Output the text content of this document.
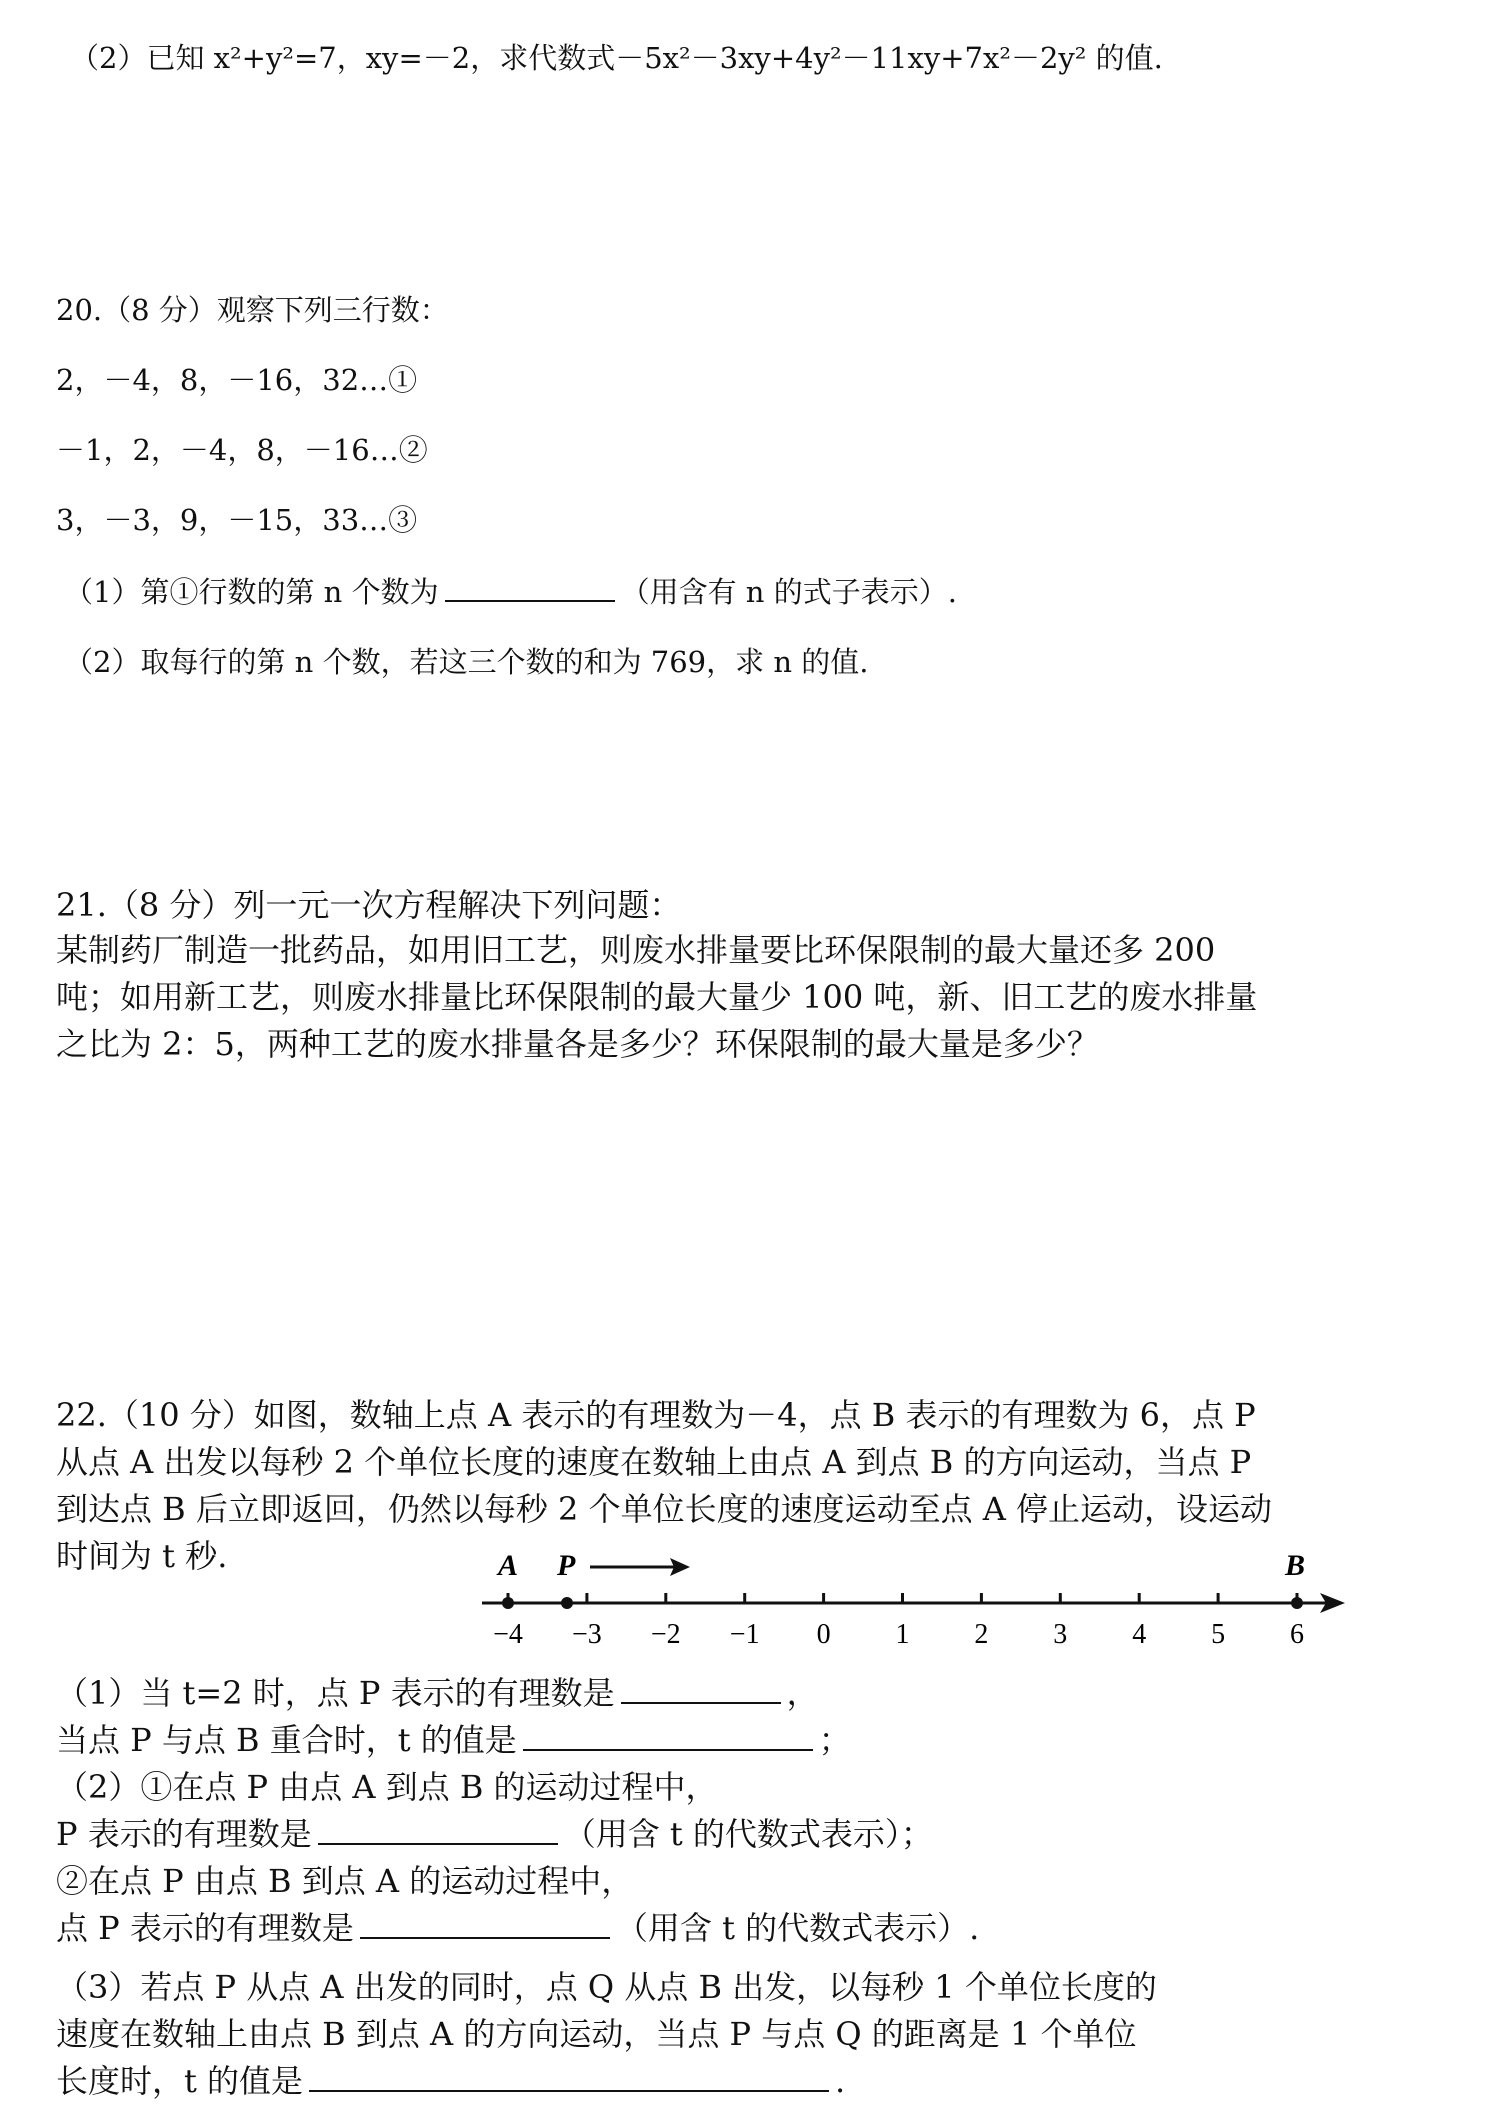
（2）已知 x²+y²=7，xy=－2，求代数式－5x²－3xy+4y²－11xy+7x²－2y² 的值.
20.（8 分）观察下列三行数：
2，－4，8，－16，32…①
－1，2，－4，8，－16…②
3，－3，9，－15，33…③
（1）第①行数的第 n 个数为	（用含有 n 的式子表示）.
（2）取每行的第 n 个数，若这三个数的和为 769，求 n 的值.
21.（8 分）列一元一次方程解决下列问题：
某制药厂制造一批药品，如用旧工艺，则废水排量要比环保限制的最大量还多 200
吨；如用新工艺，则废水排量比环保限制的最大量少 100 吨，新、旧工艺的废水排量
之比为 2：5，两种工艺的废水排量各是多少？环保限制的最大量是多少？
22.（10 分）如图，数轴上点 A 表示的有理数为－4，点 B 表示的有理数为 6，点 P
从点 A 出发以每秒 2 个单位长度的速度在数轴上由点 A 到点 B 的方向运动，当点 P
到达点 B 后立即返回，仍然以每秒 2 个单位长度的速度运动至点 A 停止运动，设运动
时间为 t 秒.
−4 −3 −2 −1 0 1 2 3 4 5 6
A P	B
（1）当 t=2 时，点 P 表示的有理数是	，
当点 P 与点 B 重合时，t 的值是	；
（2）①在点 P 由点 A 到点 B 的运动过程中，
P 表示的有理数是	（用含 t 的代数式表示）；
②在点 P 由点 B 到点 A 的运动过程中，
点 P 表示的有理数是	（用含 t 的代数式表示）.
（3）若点 P 从点 A 出发的同时，点 Q 从点 B 出发，以每秒 1 个单位长度的
速度在数轴上由点 B 到点 A 的方向运动，当点 P 与点 Q 的距离是 1 个单位
长度时，t 的值是	.
